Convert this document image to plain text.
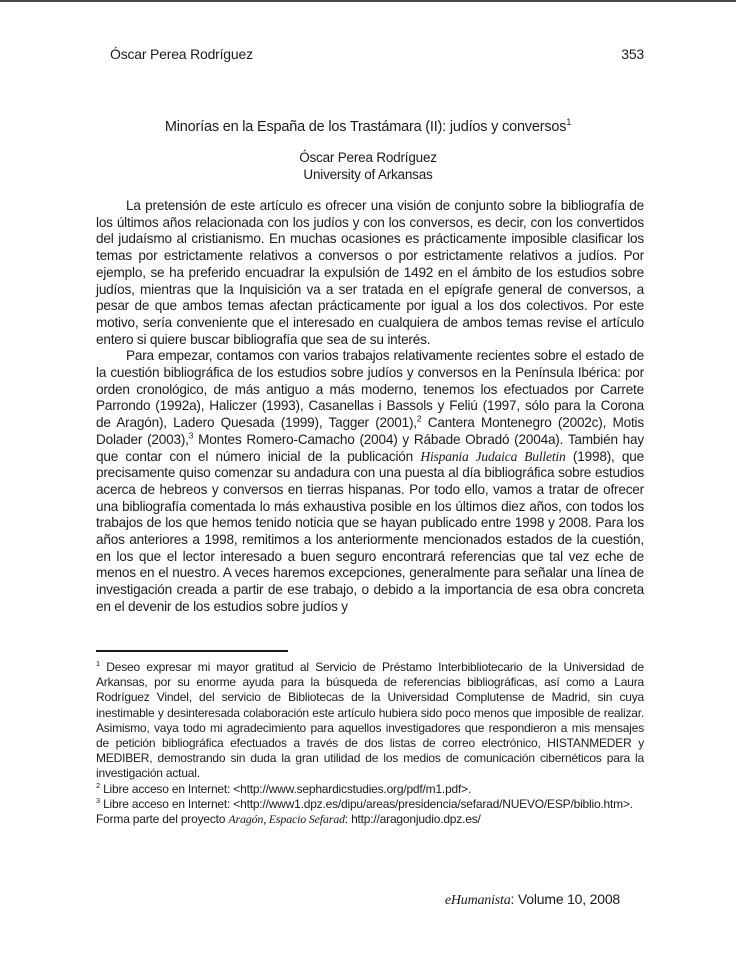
Óscar Perea Rodríguez	353
Minorías en la España de los Trastámara (II): judíos y conversos$^1$
Óscar Perea Rodríguez
University of Arkansas

La pretensión de este artículo es ofrecer una visión de conjunto sobre la bibliografía de los últimos años relacionada con los judíos y con los conversos, es decir, con los convertidos del judaísmo al cristianismo. En muchas ocasiones es prácticamente imposible clasificar los temas por estrictamente relativos a conversos o por estrictamente relativos a judíos. Por ejemplo, se ha preferido encuadrar la expulsión de 1492 en el ámbito de los estudios sobre judíos, mientras que la Inquisición va a ser tratada en el epígrafe general de conversos, a pesar de que ambos temas afectan prácticamente por igual a los dos colectivos. Por este motivo, sería conveniente que el interesado en cualquiera de ambos temas revise el artículo entero si quiere buscar bibliografía que sea de su interés.

Para empezar, contamos con varios trabajos relativamente recientes sobre el estado de la cuestión bibliográfica de los estudios sobre judíos y conversos en la Península Ibérica: por orden cronológico, de más antiguo a más moderno, tenemos los efectuados por Carrete Parrondo (1992a), Haliczer (1993), Casanellas i Bassols y Feliú (1997, sólo para la Corona de Aragón), Ladero Quesada (1999), Tagger (2001),$^2$ Cantera Montenegro (2002c), Motis Dolader (2003),$^3$ Montes Romero-Camacho (2004) y Rábade Obradó (2004a). También hay que contar con el número inicial de la publicación Hispania Judaica Bulletin (1998), que precisamente quiso comenzar su andadura con una puesta al día bibliográfica sobre estudios acerca de hebreos y conversos en tierras hispanas. Por todo ello, vamos a tratar de ofrecer una bibliografía comentada lo más exhaustiva posible en los últimos diez años, con todos los trabajos de los que hemos tenido noticia que se hayan publicado entre 1998 y 2008. Para los años anteriores a 1998, remitimos a los anteriormente mencionados estados de la cuestión, en los que el lector interesado a buen seguro encontrará referencias que tal vez eche de menos en el nuestro. A veces haremos excepciones, generalmente para señalar una línea de investigación creada a partir de ese trabajo, o debido a la importancia de esa obra concreta en el devenir de los estudios sobre judíos y

$^1$ Deseo expresar mi mayor gratitud al Servicio de Préstamo Interbibliotecario de la Universidad de Arkansas, por su enorme ayuda para la búsqueda de referencias bibliográficas, así como a Laura Rodríguez Vindel, del servicio de Bibliotecas de la Universidad Complutense de Madrid, sin cuya inestimable y desinteresada colaboración este artículo hubiera sido poco menos que imposible de realizar. Asimismo, vaya todo mi agradecimiento para aquellos investigadores que respondieron a mis mensajes de petición bibliográfica efectuados a través de dos listas de correo electrónico, HISTANMEDER y MEDIBER, demostrando sin duda la gran utilidad de los medios de comunicación cibernéticos para la investigación actual.

$^2$ Libre acceso en Internet: <http://www.sephardicstudies.org/pdf/m1.pdf>.

$^3$ Libre acceso en Internet: <http://www1.dpz.es/dipu/areas/presidencia/sefarad/NUEVO/ESP/biblio.htm>.

Forma parte del proyecto Aragón, Espacio Sefarad: http://aragonjudio.dpz.es/

eHumanista: Volume 10, 2008
